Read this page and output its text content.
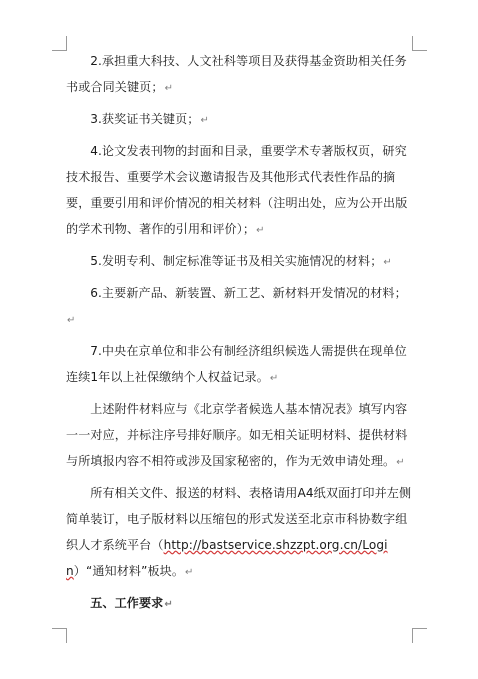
2.承担重大科技、人文社科等项目及获得基金资助相关任务书或合同关键页；↵

3.获奖证书关键页；↵

4.论文发表刊物的封面和目录，重要学术专著版权页，研究技术报告、重要学术会议邀请报告及其他形式代表性作品的摘要，重要引用和评价情况的相关材料（注明出处，应为公开出版的学术刊物、著作的引用和评价）；↵

5.发明专利、制定标准等证书及相关实施情况的材料；↵

6.主要新产品、新装置、新工艺、新材料开发情况的材料；↵

7.中央在京单位和非公有制经济组织候选人需提供在现单位连续1年以上社保缴纳个人权益记录。↵

上述附件材料应与《北京学者候选人基本情况表》填写内容一一对应，并标注序号排好顺序。如无相关证明材料、提供材料与所填报内容不相符或涉及国家秘密的，作为无效申请处理。↵

所有相关文件、报送的材料、表格请用A4纸双面打印并左侧简单装订，电子版材料以压缩包的形式发送至北京市科协数字组织人才系统平台（http://bastservice.shzzpt.org.cn/Login）“通知材料”板块。↵

五、工作要求↵
